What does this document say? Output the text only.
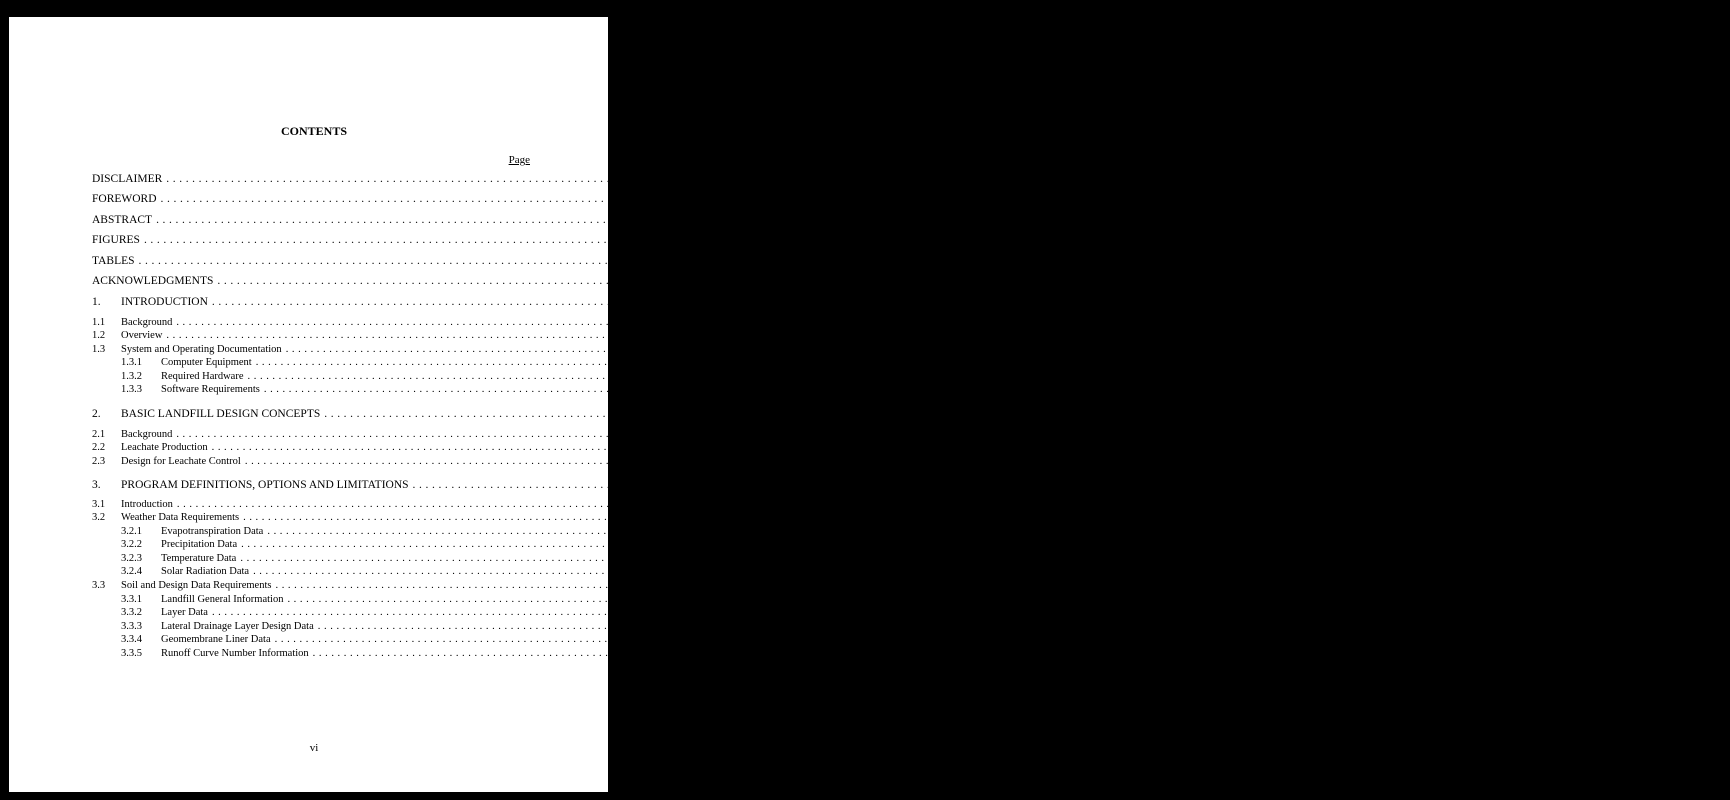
CONTENTS
Page
DISCLAIMER ........................................................................................................................................................................................................	ii
FOREWORD ........................................................................................................................................................................................................	iii
ABSTRACT ........................................................................................................................................................................................................	iv
FIGURES ........................................................................................................................................................................................................ viii
TABLES ........................................................................................................................................................................................................	ix
ACKNOWLEDGMENTS ........................................................................................................................................................................................................	x
1.	INTRODUCTION ........................................................................................................................................................................................................	1
1.1	Background ........................................................................................................................................................................................................	1
1.2	Overview ........................................................................................................................................................................................................	3
1.3	System and Operating Documentation ........................................................................................................................................................................................................	3
1.3.1	Computer Equipment ........................................................................................................................................................................................................	3
1.3.2	Required Hardware ........................................................................................................................................................................................................	3
1.3.3	Software Requirements ........................................................................................................................................................................................................	4
2.	BASIC LANDFILL DESIGN CONCEPTS ........................................................................................................................................................................................................	5
2.1	Background ........................................................................................................................................................................................................	5
2.2	Leachate Production ........................................................................................................................................................................................................	5
2.3	Design for Leachate Control ........................................................................................................................................................................................................	6
3.	PROGRAM DEFINITIONS, OPTIONS AND LIMITATIONS ........................................................................................................................................................................................................	9
3.1	Introduction ........................................................................................................................................................................................................	9
3.2	Weather Data Requirements ........................................................................................................................................................................................................	9
3.2.1	Evapotranspiration Data ........................................................................................................................................................................................................	9
3.2.2	Precipitation Data ........................................................................................................................................................................................................	14
3.2.3	Temperature Data ........................................................................................................................................................................................................	19
3.2.4	Solar Radiation Data ........................................................................................................................................................................................................	22
3.3	Soil and Design Data Requirements ........................................................................................................................................................................................................	24
3.3.1	Landfill General Information ........................................................................................................................................................................................................	24
3.3.2	Layer Data ........................................................................................................................................................................................................	25
3.3.3	Lateral Drainage Layer Design Data ........................................................................................................................................................................................................	25
3.3.4	Geomembrane Liner Data ........................................................................................................................................................................................................	26
3.3.5	Runoff Curve Number Information ........................................................................................................................................................................................................	26
vi
